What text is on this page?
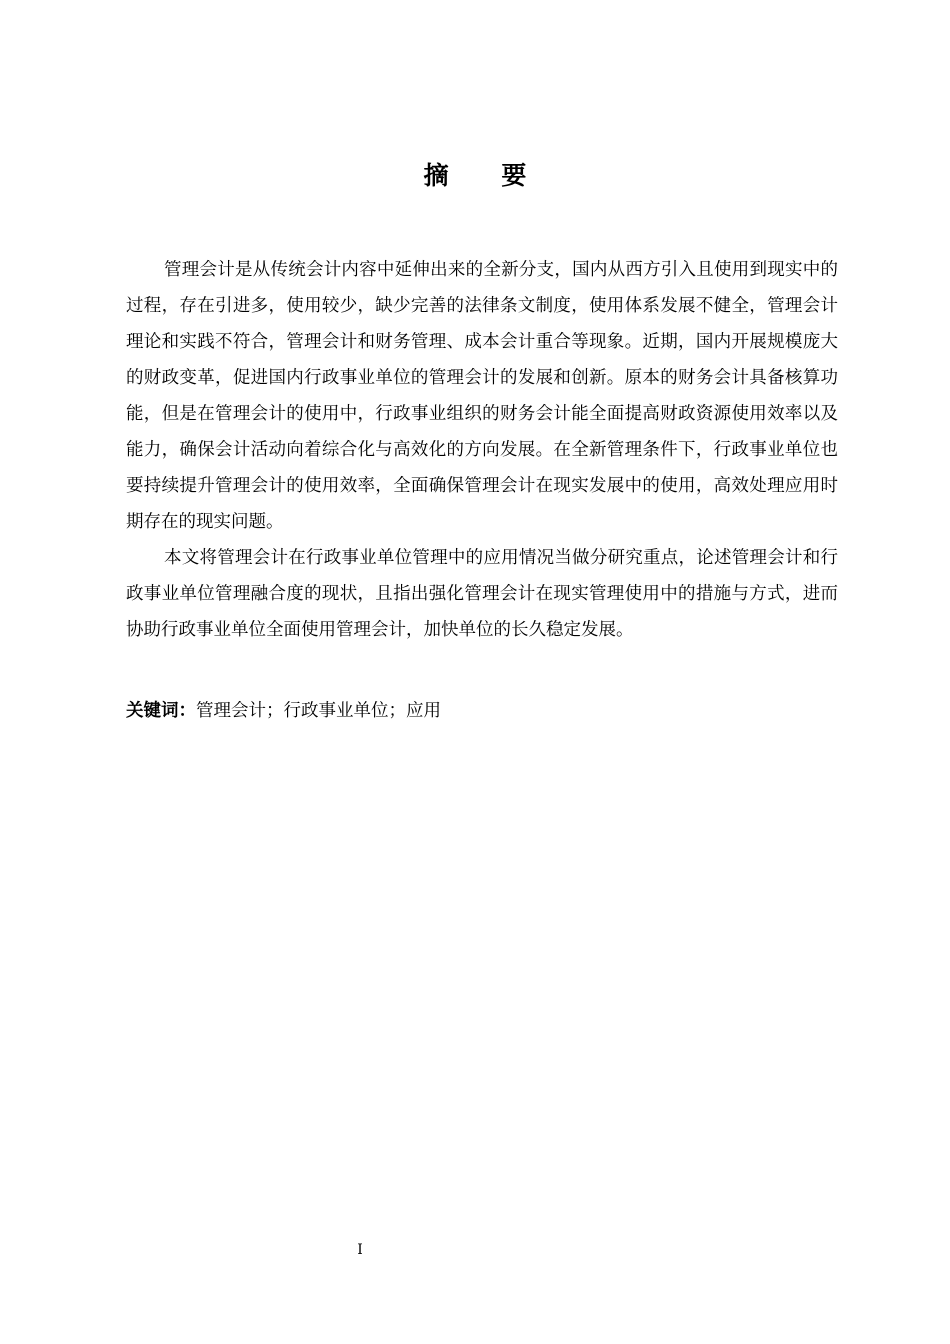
摘 要

管理会计是从传统会计内容中延伸出来的全新分支，国内从西方引入且使用到现实中的过程，存在引进多，使用较少，缺少完善的法律条文制度，使用体系发展不健全，管理会计理论和实践不符合，管理会计和财务管理、成本会计重合等现象。近期，国内开展规模庞大的财政变革，促进国内行政事业单位的管理会计的发展和创新。原本的财务会计具备核算功能，但是在管理会计的使用中，行政事业组织的财务会计能全面提高财政资源使用效率以及能力，确保会计活动向着综合化与高效化的方向发展。在全新管理条件下，行政事业单位也要持续提升管理会计的使用效率，全面确保管理会计在现实发展中的使用，高效处理应用时期存在的现实问题。

本文将管理会计在行政事业单位管理中的应用情况当做分研究重点，论述管理会计和行政事业单位管理融合度的现状，且指出强化管理会计在现实管理使用中的措施与方式，进而协助行政事业单位全面使用管理会计，加快单位的长久稳定发展。

关键词：管理会计；行政事业单位；应用
I
